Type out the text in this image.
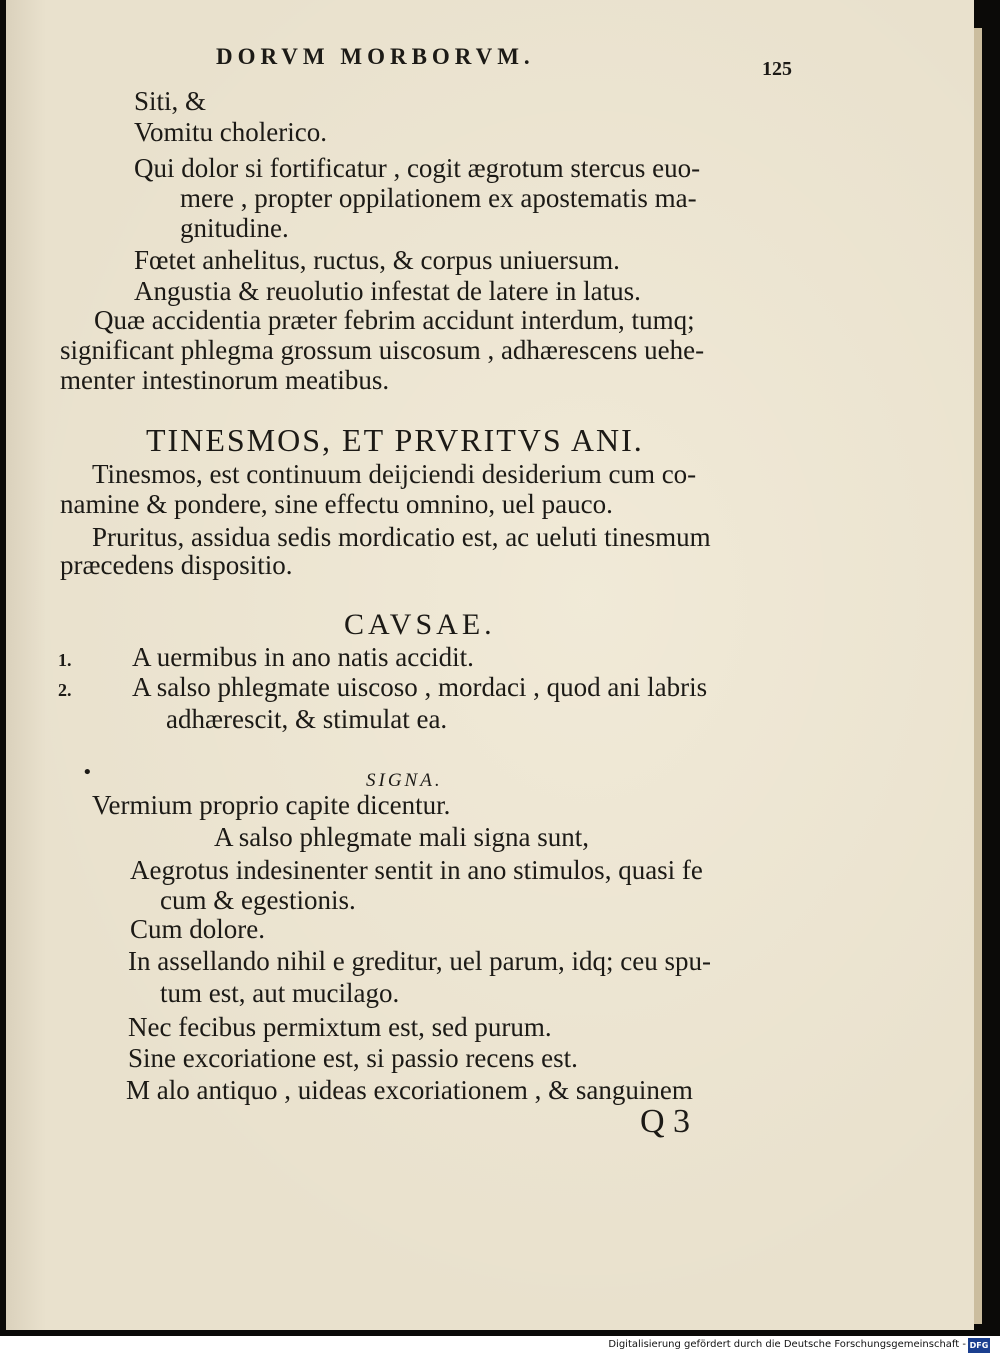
DORVM MORBORVM.	125

Siti, &

Vomitu cholerico.

Qui dolor si fortificatur , cogit ægrotum stercus euo-

mere , propter oppilationem ex apostematis ma-

gnitudine.

Fœtet anhelitus, ructus, & corpus uniuersum.

Angustia & reuolutio infestat de latere in latus.

Quæ accidentia præter febrim accidunt interdum, tumq;

significant phlegma grossum uiscosum , adhærescens uehe-

menter intestinorum meatibus.

TINESMOS, ET PRVRITVS ANI.

Tinesmos, est continuum deijciendi desiderium cum co-

namine & pondere, sine effectu omnino, uel pauco.

Pruritus, assidua sedis mordicatio est, ac ueluti tinesmum

præcedens dispositio.

CAVSAE.

1. A uermibus in ano natis accidit.

2. A salso phlegmate uiscoso , mordaci , quod ani labris

adhærescit, & stimulat ea.

•	SIGNA.

Vermium proprio capite dicentur.

A salso phlegmate mali signa sunt,

Aegrotus indesinenter sentit in ano stimulos, quasi fe

cum & egestionis.

Cum dolore.

In assellando nihil e greditur, uel parum, idq; ceu spu-

tum est, aut mucilago.

Nec fecibus permixtum est, sed purum.

Sine excoriatione est, si passio recens est.

M alo antiquo , uideas excoriationem , & sanguinem

Q 3

Digitalisierung gefördert durch die Deutsche Forschungsgemeinschaft - DFG
